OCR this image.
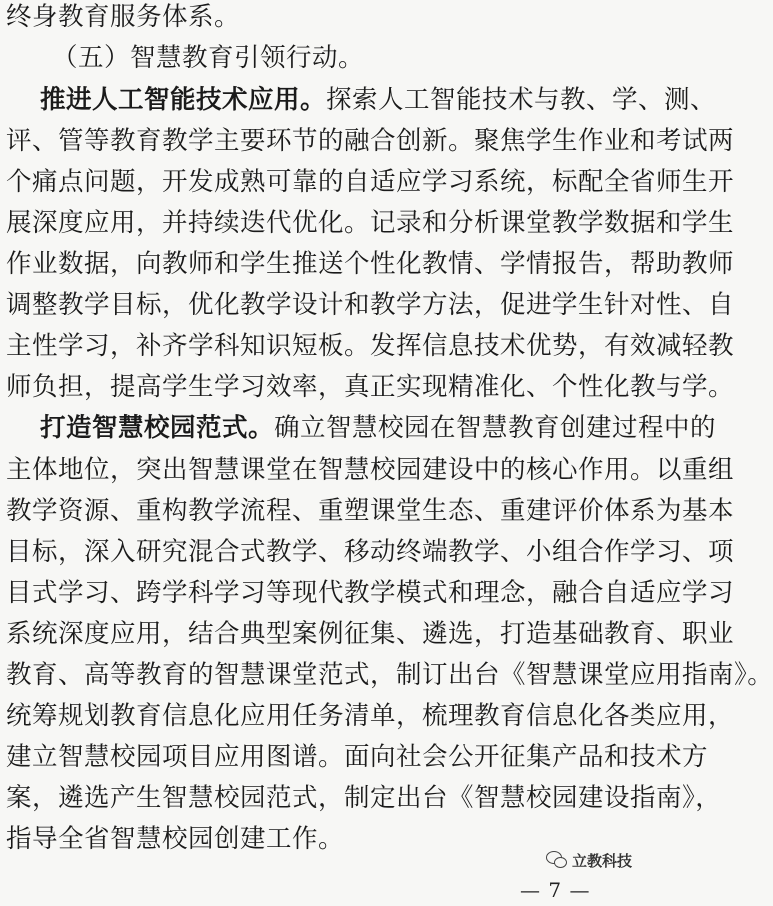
终身教育服务体系。
（五）智慧教育引领行动。
推进人工智能技术应用。探索人工智能技术与教、学、测、
评、管等教育教学主要环节的融合创新。聚焦学生作业和考试两
个痛点问题，开发成熟可靠的自适应学习系统，标配全省师生开
展深度应用，并持续迭代优化。记录和分析课堂教学数据和学生
作业数据，向教师和学生推送个性化教情、学情报告，帮助教师
调整教学目标，优化教学设计和教学方法，促进学生针对性、自
主性学习，补齐学科知识短板。发挥信息技术优势，有效减轻教
师负担，提高学生学习效率，真正实现精准化、个性化教与学。
打造智慧校园范式。确立智慧校园在智慧教育创建过程中的
主体地位，突出智慧课堂在智慧校园建设中的核心作用。以重组
教学资源、重构教学流程、重塑课堂生态、重建评价体系为基本
目标，深入研究混合式教学、移动终端教学、小组合作学习、项
目式学习、跨学科学习等现代教学模式和理念，融合自适应学习
系统深度应用，结合典型案例征集、遴选，打造基础教育、职业
教育、高等教育的智慧课堂范式，制订出台《智慧课堂应用指南》。
统筹规划教育信息化应用任务清单，梳理教育信息化各类应用，
建立智慧校园项目应用图谱。面向社会公开征集产品和技术方
案，遴选产生智慧校园范式，制定出台《智慧校园建设指南》，
指导全省智慧校园创建工作。
立教科技
— 7 —
